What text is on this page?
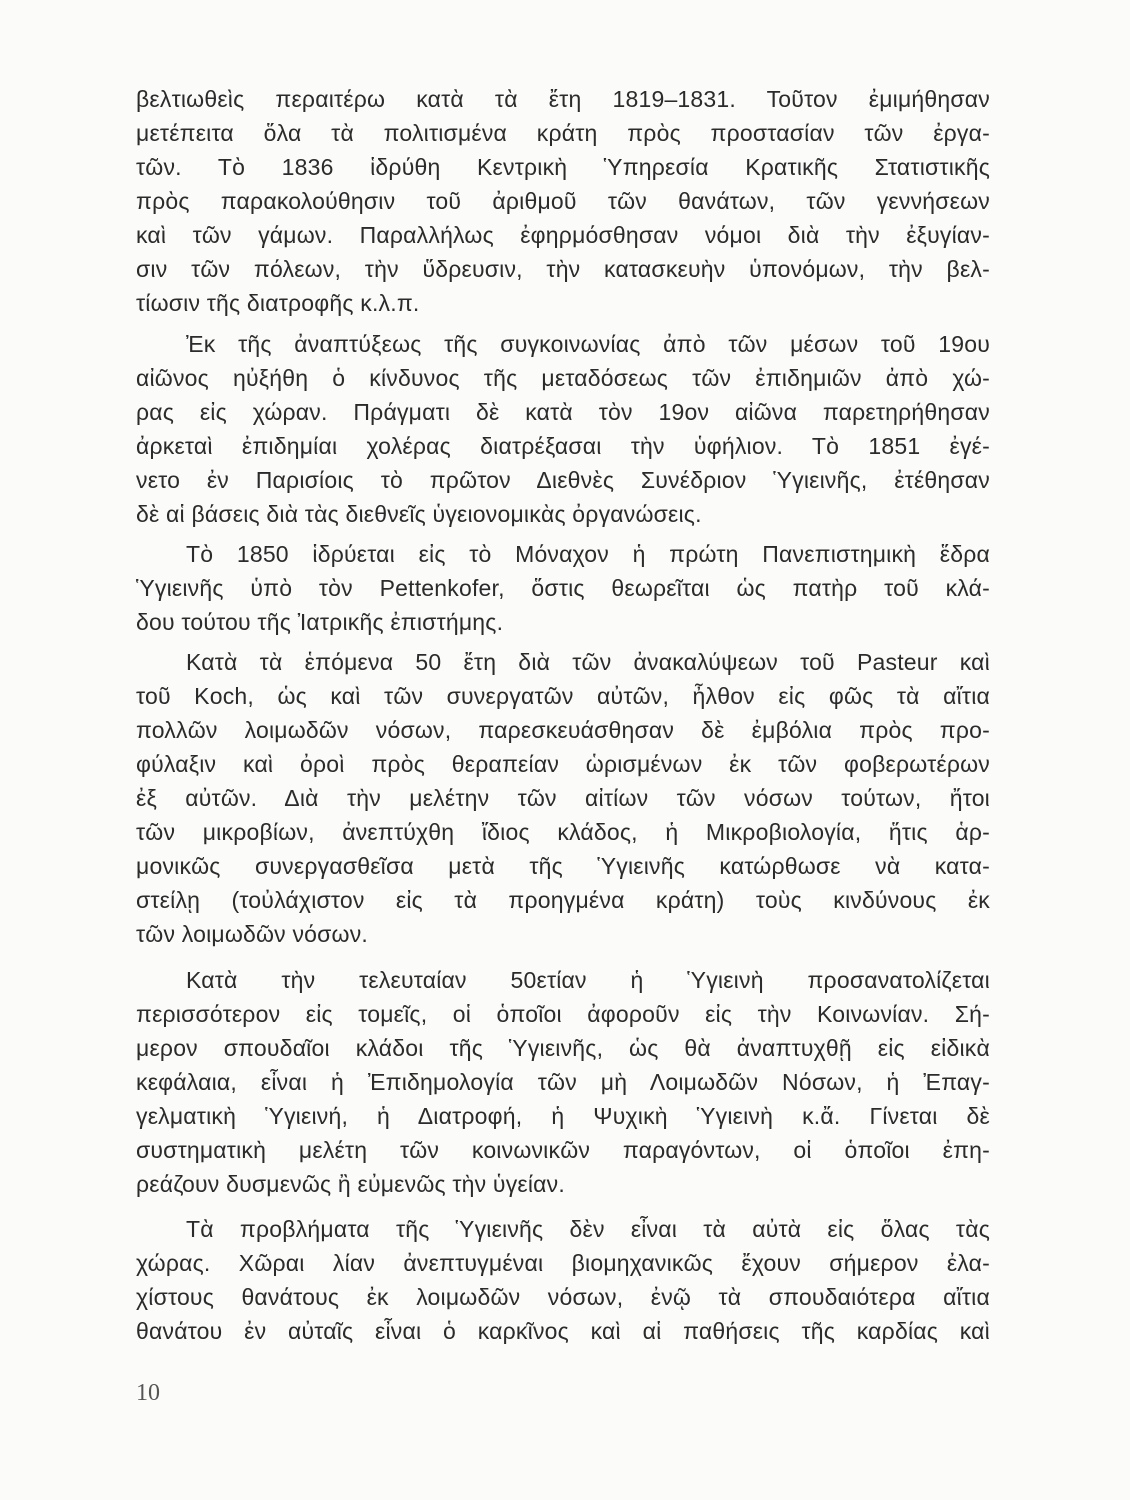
βελτιωθεὶς περαιτέρω κατὰ τὰ ἔτη 1819–1831. Τοῦτον ἐμιμήθησαν
μετέπειτα ὅλα τὰ πολιτισμένα κράτη πρὸς προστασίαν τῶν ἐργα-
τῶν. Τὸ 1836 ἱδρύθη Κεντρικὴ Ὑπηρεσία Κρατικῆς Στατιστικῆς
πρὸς παρακολούθησιν τοῦ ἀριθμοῦ τῶν θανάτων, τῶν γεννήσεων
καὶ τῶν γάμων. Παραλλήλως ἐφηρμόσθησαν νόμοι διὰ τὴν ἐξυγίαν-
σιν τῶν πόλεων, τὴν ὕδρευσιν, τὴν κατασκευὴν ὑπονόμων, τὴν βελ-
τίωσιν τῆς διατροφῆς κ.λ.π.
Ἐκ τῆς ἀναπτύξεως τῆς συγκοινωνίας ἀπὸ τῶν μέσων τοῦ 19ου
αἰῶνος ηὐξήθη ὁ κίνδυνος τῆς μεταδόσεως τῶν ἐπιδημιῶν ἀπὸ χώ-
ρας εἰς χώραν. Πράγματι δὲ κατὰ τὸν 19ον αἰῶνα παρετηρήθησαν
ἀρκεταὶ ἐπιδημίαι χολέρας διατρέξασαι τὴν ὑφήλιον. Τὸ 1851 ἐγέ-
νετο ἐν Παρισίοις τὸ πρῶτον Διεθνὲς Συνέδριον Ὑγιεινῆς, ἐτέθησαν
δὲ αἱ βάσεις διὰ τὰς διεθνεῖς ὑγειονομικὰς ὀργανώσεις.
Τὸ 1850 ἱδρύεται εἰς τὸ Μόναχον ἡ πρώτη Πανεπιστημικὴ ἕδρα
Ὑγιεινῆς ὑπὸ τὸν Pettenkofer, ὅστις θεωρεῖται ὡς πατὴρ τοῦ κλά-
δου τούτου τῆς Ἰατρικῆς ἐπιστήμης.
Κατὰ τὰ ἑπόμενα 50 ἔτη διὰ τῶν ἀνακαλύψεων τοῦ Pasteur καὶ
τοῦ Koch, ὡς καὶ τῶν συνεργατῶν αὐτῶν, ἦλθον εἰς φῶς τὰ αἴτια
πολλῶν λοιμωδῶν νόσων, παρεσκευάσθησαν δὲ ἐμβόλια πρὸς προ-
φύλαξιν καὶ ὀροὶ πρὸς θεραπείαν ὡρισμένων ἐκ τῶν φοβερωτέρων
ἐξ αὐτῶν. Διὰ τὴν μελέτην τῶν αἰτίων τῶν νόσων τούτων, ἤτοι
τῶν μικροβίων, ἀνεπτύχθη ἴδιος κλάδος, ἡ Μικροβιολογία, ἥτις ἁρ-
μονικῶς συνεργασθεῖσα μετὰ τῆς Ὑγιεινῆς κατώρθωσε νὰ κατα-
στείλῃ (τοὐλάχιστον εἰς τὰ προηγμένα κράτη) τοὺς κινδύνους ἐκ
τῶν λοιμωδῶν νόσων.
Κατὰ τὴν τελευταίαν 50ετίαν ἡ Ὑγιεινὴ προσανατολίζεται
περισσότερον εἰς τομεῖς, οἱ ὁποῖοι ἀφοροῦν εἰς τὴν Κοινωνίαν. Σή-
μερον σπουδαῖοι κλάδοι τῆς Ὑγιεινῆς, ὡς θὰ ἀναπτυχθῇ εἰς εἰδικὰ
κεφάλαια, εἶναι ἡ Ἐπιδημολογία τῶν μὴ Λοιμωδῶν Νόσων, ἡ Ἐπαγ-
γελματικὴ Ὑγιεινή, ἡ Διατροφή, ἡ Ψυχικὴ Ὑγιεινὴ κ.ἄ. Γίνεται δὲ
συστηματικὴ μελέτη τῶν κοινωνικῶν παραγόντων, οἱ ὁποῖοι ἐπη-
ρεάζουν δυσμενῶς ἢ εὐμενῶς τὴν ὑγείαν.
Τὰ προβλήματα τῆς Ὑγιεινῆς δὲν εἶναι τὰ αὐτὰ εἰς ὅλας τὰς
χώρας. Χῶραι λίαν ἀνεπτυγμέναι βιομηχανικῶς ἔχουν σήμερον ἐλα-
χίστους θανάτους ἐκ λοιμωδῶν νόσων, ἐνῷ τὰ σπουδαιότερα αἴτια
θανάτου ἐν αὐταῖς εἶναι ὁ καρκῖνος καὶ αἱ παθήσεις τῆς καρδίας καὶ
10
